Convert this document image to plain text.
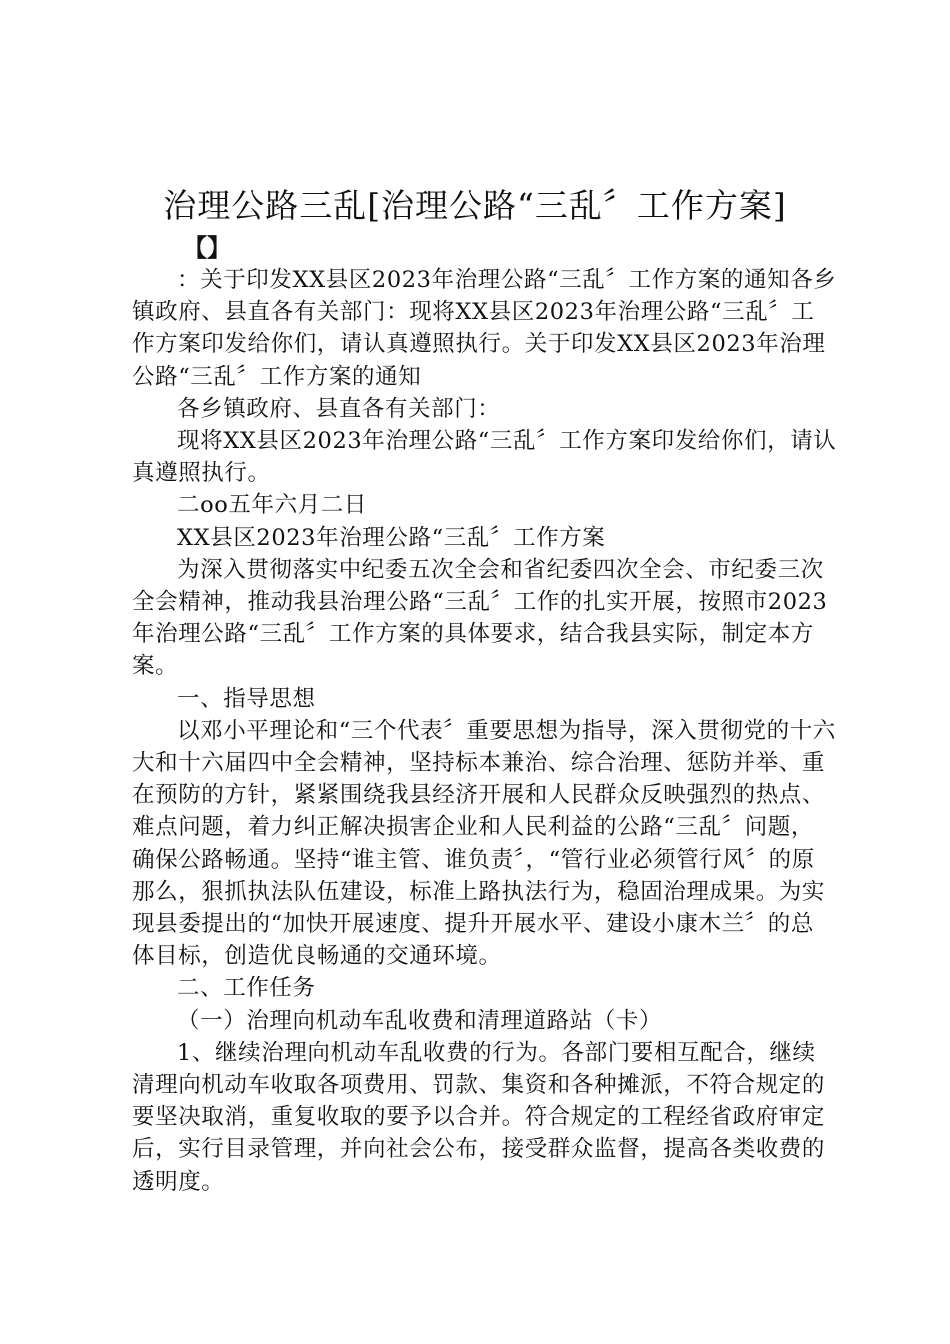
治理公路三乱[治理公路“三乱〞工作方案]
【】

：关于印发XX县区2023年治理公路“三乱〞工作方案的通知各乡镇政府、县直各有关部门：现将XX县区2023年治理公路“三乱〞工作方案印发给你们，请认真遵照执行。关于印发XX县区2023年治理公路“三乱〞工作方案的通知

各乡镇政府、县直各有关部门：

现将XX县区2023年治理公路“三乱〞工作方案印发给你们，请认真遵照执行。

二oo五年六月二日

XX县区2023年治理公路“三乱〞工作方案

为深入贯彻落实中纪委五次全会和省纪委四次全会、市纪委三次全会精神，推动我县治理公路“三乱〞工作的扎实开展，按照市2023年治理公路“三乱〞工作方案的具体要求，结合我县实际，制定本方案。

一、指导思想

以邓小平理论和“三个代表〞重要思想为指导，深入贯彻党的十六大和十六届四中全会精神，坚持标本兼治、综合治理、惩防并举、重在预防的方针，紧紧围绕我县经济开展和人民群众反映强烈的热点、难点问题，着力纠正解决损害企业和人民利益的公路“三乱〞问题，确保公路畅通。坚持“谁主管、谁负责〞，“管行业必须管行风〞的原那么，狠抓执法队伍建设，标准上路执法行为，稳固治理成果。为实现县委提出的“加快开展速度、提升开展水平、建设小康木兰〞的总体目标，创造优良畅通的交通环境。

二、工作任务

（一）治理向机动车乱收费和清理道路站（卡）

1、继续治理向机动车乱收费的行为。各部门要相互配合，继续清理向机动车收取各项费用、罚款、集资和各种摊派，不符合规定的要坚决取消，重复收取的要予以合并。符合规定的工程经省政府审定后，实行目录管理，并向社会公布，接受群众监督，提高各类收费的透明度。
